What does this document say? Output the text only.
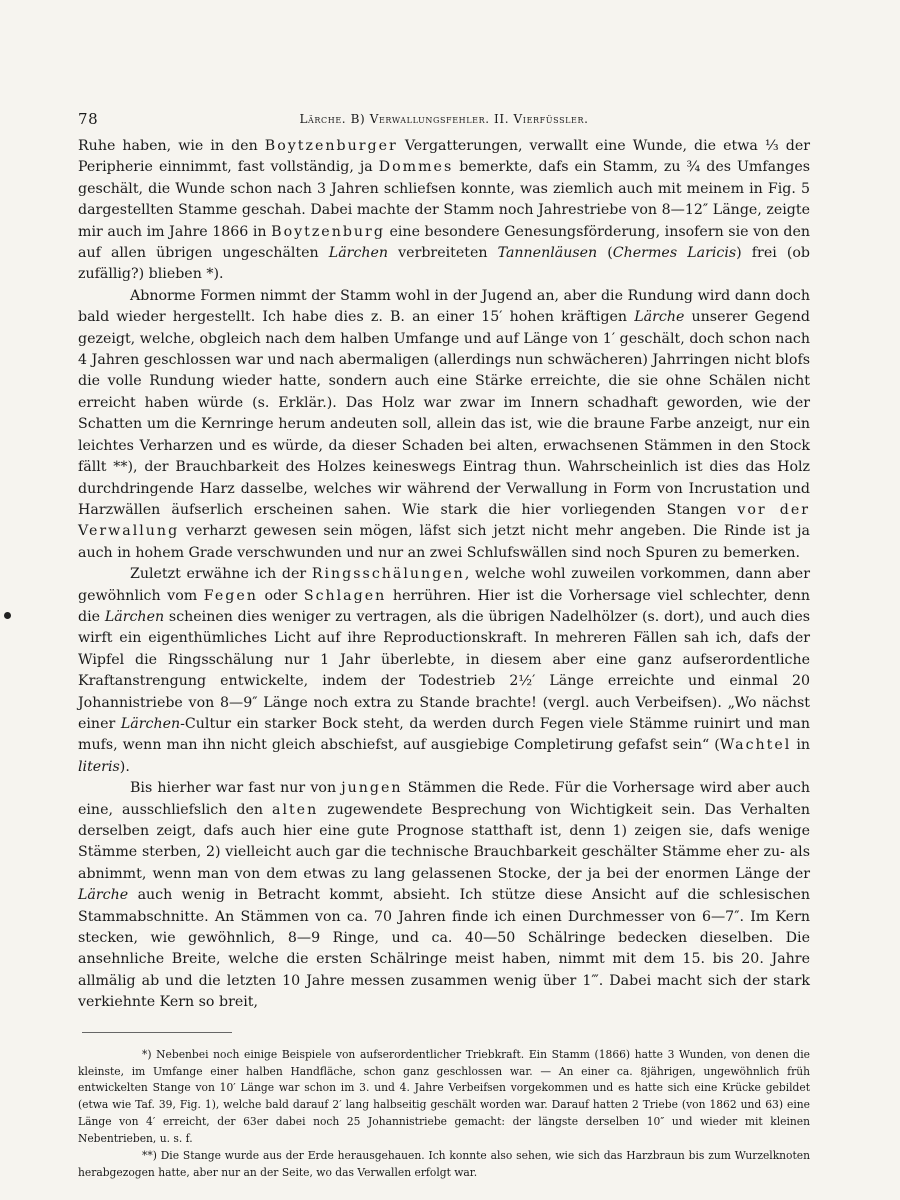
78	Lärche. B) Verwallungsfehler. II. Vierfüssler.

Ruhe haben, wie in den Boytzenburger Vergatterungen, verwallt eine Wunde, die etwa ⅓ der Peripherie einnimmt, fast vollständig, ja Dommes bemerkte, dafs ein Stamm, zu ¾ des Umfanges geschält, die Wunde schon nach 3 Jahren schliefsen konnte, was ziemlich auch mit meinem in Fig. 5 dargestellten Stamme geschah. Dabei machte der Stamm noch Jahrestriebe von 8—12″ Länge, zeigte mir auch im Jahre 1866 in Boytzenburg eine besondere Genesungsförderung, insofern sie von den auf allen übrigen ungeschälten Lärchen verbreiteten Tannenläusen (Chermes Laricis) frei (ob zufällig?) blieben *).

Abnorme Formen nimmt der Stamm wohl in der Jugend an, aber die Rundung wird dann doch bald wieder hergestellt. Ich habe dies z. B. an einer 15′ hohen kräftigen Lärche unserer Gegend gezeigt, welche, obgleich nach dem halben Umfange und auf Länge von 1′ geschält, doch schon nach 4 Jahren geschlossen war und nach abermaligen (allerdings nun schwächeren) Jahrringen nicht blofs die volle Rundung wieder hatte, sondern auch eine Stärke erreichte, die sie ohne Schälen nicht erreicht haben würde (s. Erklär.). Das Holz war zwar im Innern schadhaft geworden, wie der Schatten um die Kernringe herum andeuten soll, allein das ist, wie die braune Farbe anzeigt, nur ein leichtes Verharzen und es würde, da dieser Schaden bei alten, erwachsenen Stämmen in den Stock fällt **), der Brauchbarkeit des Holzes keineswegs Eintrag thun. Wahrscheinlich ist dies das Holz durchdringende Harz dasselbe, welches wir während der Verwallung in Form von Incrustation und Harzwällen äufserlich erscheinen sahen. Wie stark die hier vorliegenden Stangen vor der Verwallung verharzt gewesen sein mögen, läfst sich jetzt nicht mehr angeben. Die Rinde ist ja auch in hohem Grade verschwunden und nur an zwei Schlufswällen sind noch Spuren zu bemerken.

Zuletzt erwähne ich der Ringsschälungen, welche wohl zuweilen vorkommen, dann aber gewöhnlich vom Fegen oder Schlagen herrühren. Hier ist die Vorhersage viel schlechter, denn die Lärchen scheinen dies weniger zu vertragen, als die übrigen Nadelhölzer (s. dort), und auch dies wirft ein eigenthümliches Licht auf ihre Reproductionskraft. In mehreren Fällen sah ich, dafs der Wipfel die Ringsschälung nur 1 Jahr überlebte, in diesem aber eine ganz aufserordentliche Kraftanstrengung entwickelte, indem der Todestrieb 2½′ Länge erreichte und einmal 20 Johannistriebe von 8—9″ Länge noch extra zu Stande brachte! (vergl. auch Verbeifsen). „Wo nächst einer Lärchen-Cultur ein starker Bock steht, da werden durch Fegen viele Stämme ruinirt und man mufs, wenn man ihn nicht gleich abschiefst, auf ausgiebige Completirung gefafst sein“ (Wachtel in literis).

Bis hierher war fast nur von jungen Stämmen die Rede. Für die Vorhersage wird aber auch eine, ausschliefslich den alten zugewendete Besprechung von Wichtigkeit sein. Das Verhalten derselben zeigt, dafs auch hier eine gute Prognose statthaft ist, denn 1) zeigen sie, dafs wenige Stämme sterben, 2) vielleicht auch gar die technische Brauchbarkeit geschälter Stämme eher zu- als abnimmt, wenn man von dem etwas zu lang gelassenen Stocke, der ja bei der enormen Länge der Lärche auch wenig in Betracht kommt, absieht. Ich stütze diese Ansicht auf die schlesischen Stammabschnitte. An Stämmen von ca. 70 Jahren finde ich einen Durchmesser von 6—7″. Im Kern stecken, wie gewöhnlich, 8—9 Ringe, und ca. 40—50 Schälringe bedecken dieselben. Die ansehnliche Breite, welche die ersten Schälringe meist haben, nimmt mit dem 15. bis 20. Jahre allmälig ab und die letzten 10 Jahre messen zusammen wenig über 1‴. Dabei macht sich der stark verkiehnte Kern so breit,

*) Nebenbei noch einige Beispiele von aufserordentlicher Triebkraft. Ein Stamm (1866) hatte 3 Wunden, von denen die kleinste, im Umfange einer halben Handfläche, schon ganz geschlossen war. — An einer ca. 8jährigen, ungewöhnlich früh entwickelten Stange von 10′ Länge war schon im 3. und 4. Jahre Verbeifsen vorgekommen und es hatte sich eine Krücke gebildet (etwa wie Taf. 39, Fig. 1), welche bald darauf 2′ lang halbseitig geschält worden war. Darauf hatten 2 Triebe (von 1862 und 63) eine Länge von 4′ erreicht, der 63er dabei noch 25 Johannistriebe gemacht: der längste derselben 10″ und wieder mit kleinen Nebentrieben, u. s. f.

**) Die Stange wurde aus der Erde herausgehauen. Ich konnte also sehen, wie sich das Harzbraun bis zum Wurzelknoten herabgezogen hatte, aber nur an der Seite, wo das Verwallen erfolgt war.
